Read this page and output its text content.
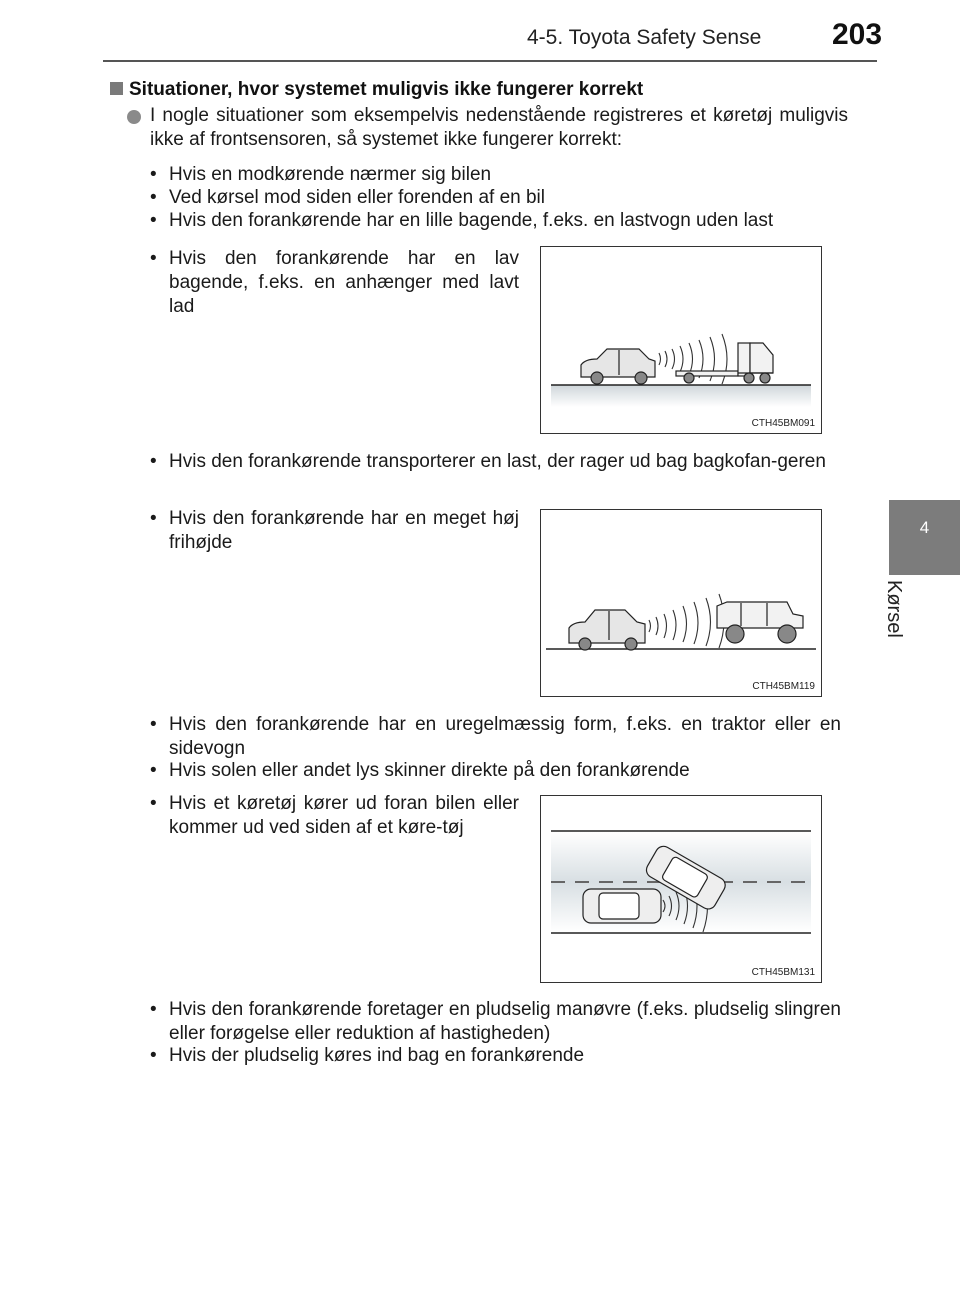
4-5. Toyota Safety Sense 203
4
Kørsel
Situationer, hvor systemet muligvis ikke fungerer korrekt
I nogle situationer som eksempelvis nedenstående registreres et køretøj muligvis ikke af frontsensoren, så systemet ikke fungerer korrekt:
• Hvis en modkørende nærmer sig bilen
• Ved kørsel mod siden eller forenden af en bil
• Hvis den forankørende har en lille bagende, f.eks. en lastvogn uden last
• Hvis den forankørende har en lav bagende, f.eks. en anhænger med lavt lad
CTH45BM091
• Hvis den forankørende transporterer en last, der rager ud bag bagkofan-geren
• Hvis den forankørende har en meget høj frihøjde
CTH45BM119
• Hvis den forankørende har en uregelmæssig form, f.eks. en traktor eller en sidevogn
• Hvis solen eller andet lys skinner direkte på den forankørende
• Hvis et køretøj kører ud foran bilen eller kommer ud ved siden af et køre-tøj
CTH45BM131
• Hvis den forankørende foretager en pludselig manøvre (f.eks. pludselig slingren eller forøgelse eller reduktion af hastigheden)
• Hvis der pludselig køres ind bag en forankørende
